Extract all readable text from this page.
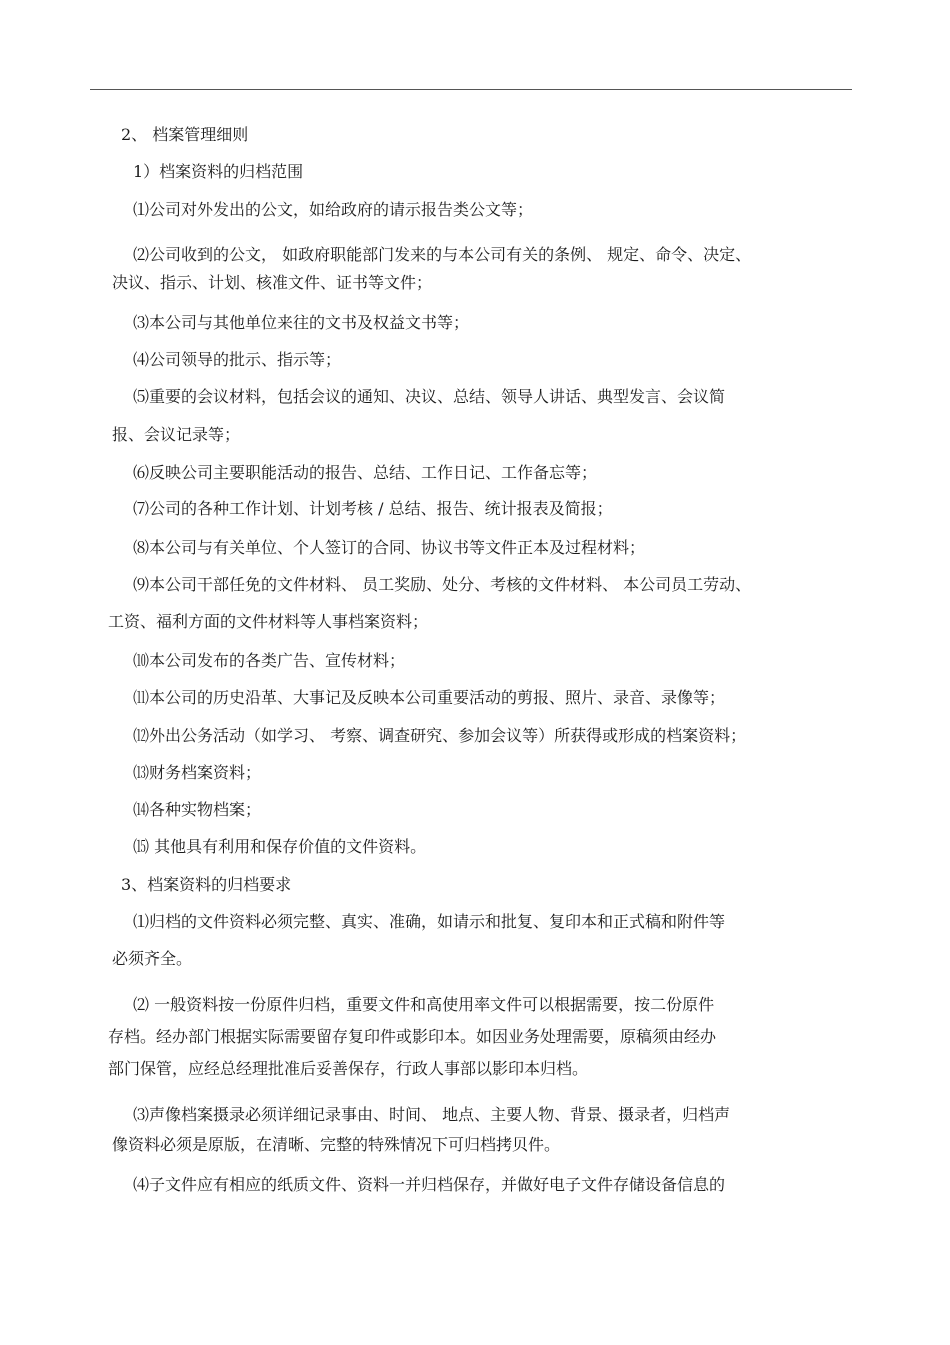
2、 档案管理细则
1）档案资料的归档范围
⑴公司对外发出的公文，如给政府的请示报告类公文等；
⑵公司收到的公文， 如政府职能部门发来的与本公司有关的条例、 规定、命令、决定、
决议、指示、计划、核准文件、证书等文件；
⑶本公司与其他单位来往的文书及权益文书等；
⑷公司领导的批示、指示等；
⑸重要的会议材料，包括会议的通知、决议、总结、领导人讲话、典型发言、会议简
报、会议记录等；
⑹反映公司主要职能活动的报告、总结、工作日记、工作备忘等；
⑺公司的各种工作计划、计划考核 / 总结、报告、统计报表及简报；
⑻本公司与有关单位、个人签订的合同、协议书等文件正本及过程材料；
⑼本公司干部任免的文件材料、 员工奖励、处分、考核的文件材料、 本公司员工劳动、
工资、福利方面的文件材料等人事档案资料；
⑽本公司发布的各类广告、宣传材料；
⑾本公司的历史沿革、大事记及反映本公司重要活动的剪报、照片、录音、录像等；
⑿外出公务活动（如学习、 考察、调查研究、参加会议等）所获得或形成的档案资料；
⒀财务档案资料；
⒁各种实物档案；
⒂ 其他具有利用和保存价值的文件资料。
3、档案资料的归档要求
⑴归档的文件资料必须完整、真实、准确，如请示和批复、复印本和正式稿和附件等
必须齐全。
⑵ 一般资料按一份原件归档，重要文件和高使用率文件可以根据需要，按二份原件
存档。经办部门根据实际需要留存复印件或影印本。如因业务处理需要，原稿须由经办
部门保管，应经总经理批准后妥善保存，行政人事部以影印本归档。
⑶声像档案摄录必须详细记录事由、时间、 地点、主要人物、背景、摄录者，归档声
像资料必须是原版，在清晰、完整的特殊情况下可归档拷贝件。
⑷子文件应有相应的纸质文件、资料一并归档保存，并做好电子文件存储设备信息的
